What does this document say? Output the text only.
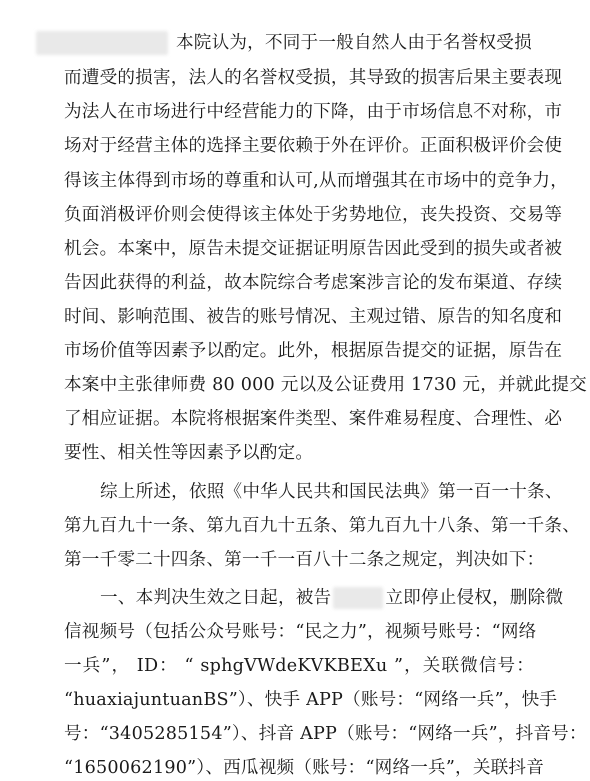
本院认为，不同于一般自然人由于名誉权受损
而遭受的损害，法人的名誉权受损，其导致的损害后果主要表现
为法人在市场进行中经营能力的下降，由于市场信息不对称，市
场对于经营主体的选择主要依赖于外在评价。正面积极评价会使
得该主体得到市场的尊重和认可,从而增强其在市场中的竞争力，
负面消极评价则会使得该主体处于劣势地位，丧失投资、交易等
机会。本案中，原告未提交证据证明原告因此受到的损失或者被
告因此获得的利益，故本院综合考虑案涉言论的发布渠道、存续
时间、影响范围、被告的账号情况、主观过错、原告的知名度和
市场价值等因素予以酌定。此外，根据原告提交的证据，原告在
本案中主张律师费 80 000 元以及公证费用 1730 元，并就此提交
了相应证据。本院将根据案件类型、案件难易程度、合理性、必
要性、相关性等因素予以酌定。
综上所述，依照《中华人民共和国民法典》第一百一十条、
第九百九十一条、第九百九十五条、第九百九十八条、第一千条、
第一千零二十四条、第一千一百八十二条之规定，判决如下：
一、本判决生效之日起，被告	立即停止侵权，删除微
信视频号（包括公众号账号：“民之力”，视频号账号：“网络
一兵”， ID： “ sphgVWdeKVKBEXu ”，关联微信号：
“huaxiajuntuanBS”）、快手 APP（账号：“网络一兵”，快手
号：“3405285154”）、抖音 APP（账号：“网络一兵”，抖音号：
“1650062190”）、西瓜视频（账号：“网络一兵”，关联抖音
